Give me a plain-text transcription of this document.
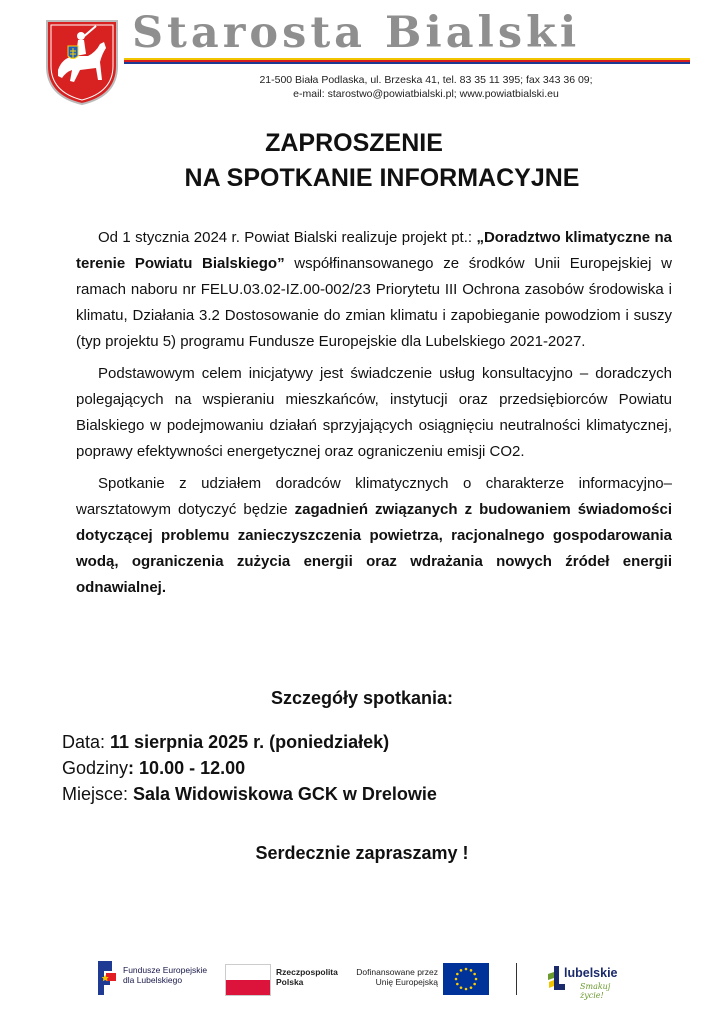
Starosta Bialski
21-500 Biała Podlaska, ul. Brzeska 41, tel. 83 35 11 395; fax 343 36 09;
e-mail: starostwo@powiatbialski.pl; www.powiatbialski.eu
ZAPROSZENIE
NA SPOTKANIE INFORMACYJNE

Od 1 stycznia 2024 r. Powiat Bialski realizuje projekt pt.: „Doradztwo klimatyczne na terenie Powiatu Bialskiego” współfinansowanego ze środków Unii Europejskiej w ramach naboru nr FELU.03.02-IZ.00-002/23 Priorytetu III Ochrona zasobów środowiska i klimatu, Działania 3.2 Dostosowanie do zmian klimatu i zapobieganie powodziom i suszy (typ projektu 5) programu Fundusze Europejskie dla Lubelskiego 2021-2027.

Podstawowym celem inicjatywy jest świadczenie usług konsultacyjno – doradczych polegających na wspieraniu mieszkańców, instytucji oraz przedsiębiorców Powiatu Bialskiego w podejmowaniu działań sprzyjających osiągnięciu neutralności klimatycznej, poprawy efektywności energetycznej oraz ograniczeniu emisji CO2.

Spotkanie z udziałem doradców klimatycznych o charakterze informacyjno– warsztatowym dotyczyć będzie zagadnień związanych z budowaniem świadomości dotyczącej problemu zanieczyszczenia powietrza, racjonalnego gospodarowania wodą, ograniczenia zużycia energii oraz wdrażania nowych źródeł energii odnawialnej.

Szczegóły spotkania:
Data: 11 sierpnia 2025 r. (poniedziałek)
Godziny: 10.00 - 12.00
Miejsce: Sala Widowiskowa GCK w Drelowie
Serdecznie zapraszamy !
Fundusze Europejskie
dla Lubelskiego
Rzeczpospolita
Polska
Dofinansowane przez
Unię Europejską
lubelskie
Smakuj życie!
